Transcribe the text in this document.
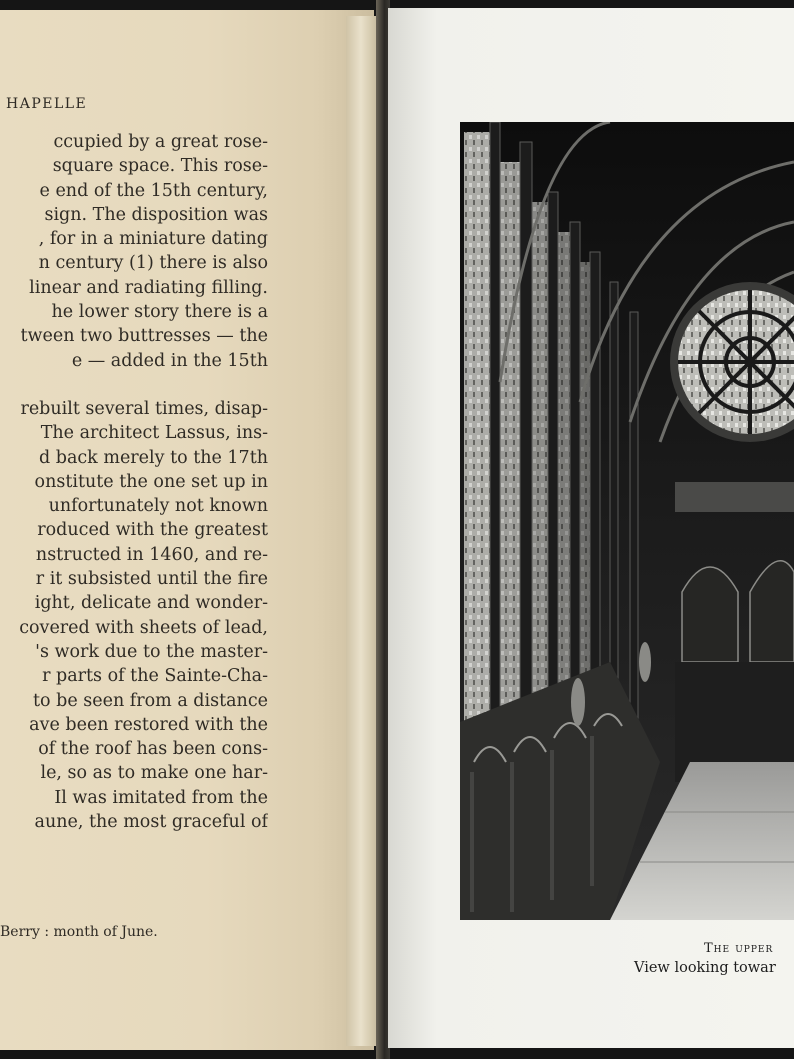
HAPELLE
ccupied by a great rose-
square space. This rose-
e end of the 15th century,
sign. The disposition was
, for in a miniature dating
n century (1) there is also
linear and radiating filling.
he lower story there is a
tween two buttresses — the
e — added in the 15th
rebuilt several times, disap-
The architect Lassus, ins-
d back merely to the 17th
onstitute the one set up in
unfortunately not known
roduced with the greatest
nstructed in 1460, and re-
r it subsisted until the fire
ight, delicate and wonder-
covered with sheets of lead,
's work due to the master-
r parts of the Sainte-Cha-
to be seen from a distance
ave been restored with the
of the roof has been cons-
le, so as to make one har-
Il was imitated from the
aune, the most graceful of

Berry : month of June.

The upper

View looking towar
